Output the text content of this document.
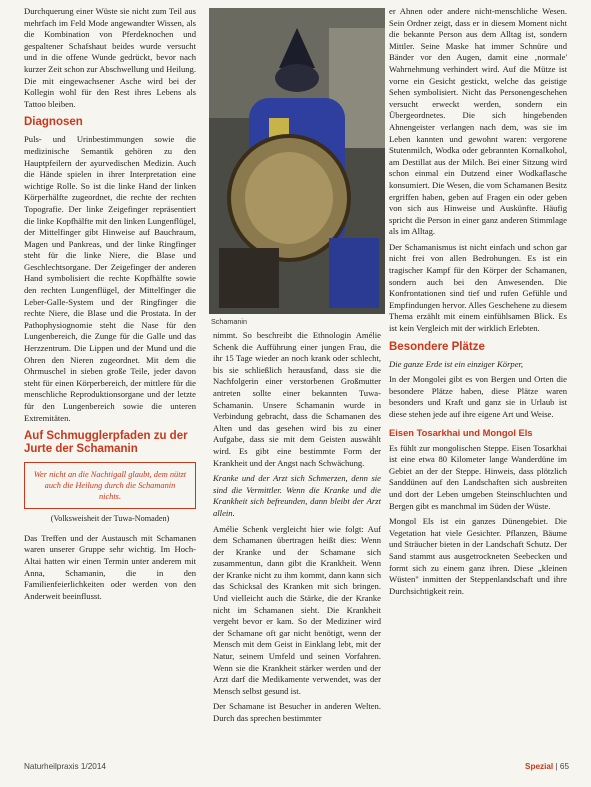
Durchquerung einer Wüste sie nicht zum Teil aus mehrfach im Feld Mode angewandter Wissen, als die Kombination von Pferdeknochen und gespaltener Schafshaut beides wurde versucht und in die offene Wunde gedrückt, bevor nach kurzer Zeit schon zur Abschwellung und Heilung. Die mit eingewachsener Asche wird bei der Kollegin wohl für den Rest ihres Lebens als Tattoo bleiben.

Diagnosen

Puls- und Urinbestimmungen sowie die medizinische Semantik gehören zu den Hauptpfeilern der ayurvedischen Medizin. Auch die Hände spielen in ihrer Interpretation eine wichtige Rolle. So ist die linke Hand der linken Körperhälfte zugeordnet, die rechte der rechten Topografie. Der linke Zeigefinger repräsentiert die linke Kopfhälfte mit den linken Lungenflügel, der Mittelfinger gibt Hinweise auf Bauchraum, Magen und Pankreas, und der linke Ringfinger steht für die linke Niere, die Blase und Geschlechtsorgane. Der Zeigefinger der anderen Hand symbolisiert die rechte Kopfhälfte sowie den rechten Lungenflügel, der Mittelfinger die Leber-Galle-System und der Ringfinger die rechte Niere, die Blase und die Prostata. In der Pathophysiognomie steht die Nase für den Lungenbereich, die Zunge für die Galle und das Herzzentrum. Die Lippen und der Mund und die Ohren den Nieren zugeordnet. Mit dem die Ohrmuschel in sieben große Teile, jeder davon steht für einen Körperbereich, der mittlere für die menschliche Reproduktionsorgane und der letzte für den Lungenbereich sowie die unteren Extremitäten.

Auf Schmugglerpfaden zu der Jurte der Schamanin
Wer nicht an die Nachtigall glaubt, dem nützt auch die Heilung durch die Schamanin nichts.
(Volksweisheit der Tuwa-Nomaden)

Das Treffen und der Austausch mit Schamanen waren unserer Gruppe sehr wichtig. Im Hoch-Altai hatten wir einen Termin unter anderem mit Anna, Schamanin, die in den Familienfeierlichkeiten oder werden von den Anderweit beeinflusst.

Schamanin

nimmt. So beschreibt die Ethnologin Amélie Schenk die Aufführung einer jungen Frau, die ihr 15 Tage wieder an noch krank oder schlecht, bis sie schließlich herausfand, dass sie die Nachfolgerin einer verstorbenen Großmutter antreten sollte einer bekannten Tuwa-Schamanin. Unsere Schamanin wurde in Verbindung gebracht, dass die Schamanen des Alten und das gesehen wird bis zu einer Aufgabe, dass sie mit dem Geisten auswählt wird. Es gibt eine bestimmte Form der Krankheit und der Angst nach Schwächung.

Kranke und der Arzt sich Schmerzen, denn sie sind die Vermittler. Wenn die Kranke und die Krankheit sich befreunden, dann bleibt der Arzt allein.

Amélie Schenk vergleicht hier wie folgt: Auf dem Schamanen übertragen heißt dies: Wenn der Kranke und der Schamane sich zusammentun, dann gibt die Krankheit. Wenn der Kranke nicht zu ihm kommt, dann kann sich das Schicksal des Kranken mit sich bringen. Und vielleicht auch die Stärke, die der Kranke nicht im Schamanen sieht. Die Krankheit vergeht bevor er kam. So der Mediziner wird der Schamane oft gar nicht benötigt, wenn der Mensch mit dem Geist in Einklang lebt, mit der Natur, seinem Umfeld und seinen Vorfahren. Wenn sie die Krankheit stärker werden und der Arzt darf die Medikamente verwendet, was der Mensch selbst gesund ist.

Der Schamane ist Besucher in anderen Welten. Durch das sprechen bestimmter

er Ahnen oder andere nicht-menschliche Wesen. Sein Ordner zeigt, dass er in diesem Moment nicht die bekannte Person aus dem Alltag ist, sondern Mittler. Seine Maske hat immer Schnüre und Bänder vor den Augen, damit eine ‚normale' Wahrnehmung verhindert wird. Auf die Mütze ist vorne ein Gesicht gestickt, welche das geistige Sehen symbolisiert. Nicht das Personengeschehen versucht erweckt werden, sondern ein Übergeordnetes. Die sich hingebenden Ahnengeister verlangen nach dem, was sie im Leben kannten und gewohnt waren: vergorene Stutenmilch, Wodka oder gebrannten Kornalkohol, am Destillat aus der Milch. Bei einer Sitzung wird schon einmal ein Dutzend einer Wodkaflasche konsumiert. Die Wesen, die vom Schamanen Besitz ergriffen haben, geben auf Fragen ein oder geben von sich aus Hinweise und Auskünfte. Häufig spricht die Person in einer ganz anderen Stimmlage als im Alltag.

Der Schamanismus ist nicht einfach und schon gar nicht frei von allen Bedrohungen. Es ist ein tragischer Kampf für den Körper der Schamanen, sondern auch bei den Anwesenden. Die Konfrontationen sind tief und rufen Gefühle und Empfindungen hervor. Alles Geschehene zu diesem Thema erzählt mit einem einfühlsamen Blick. Es ist kein Vergleich mit der wirklich Erlebten.

Besondere Plätze

Die ganze Erde ist ein einziger Körper,

In der Mongolei gibt es von Bergen und Orten die besondere Plätze haben, diese Plätze waren besonders und Kraft und ganz sie in Urlaub ist diese stehen jede auf ihre eigene Art und Weise.

Eisen Tosarkhai und Mongol Els

Es fühlt zur mongolischen Steppe. Eisen Tosarkhai ist eine etwa 80 Kilometer lange Wanderdüne im Gebiet an der der Steppe. Hinweis, dass plötzlich Sanddünen auf den Landschaften sich ausbreiten und dort der Leben umgeben Steinschluchten und Bergen gibt es manchmal im Süden der Wüste.

Mongol Els ist ein ganzes Dünengebiet. Die Vegetation hat viele Gesichter. Pflanzen, Bäume und Sträucher bieten in der Landschaft Schutz. Der Sand stammt aus ausgetrockneten Seebecken und formt sich zu einem ganz ihren. Diese „kleinen Wüsten" inmitten der Steppenlandschaft und ihre Durchsichtigkeit rein.

Naturheilpraxis 1/2014	Spezial | 65
